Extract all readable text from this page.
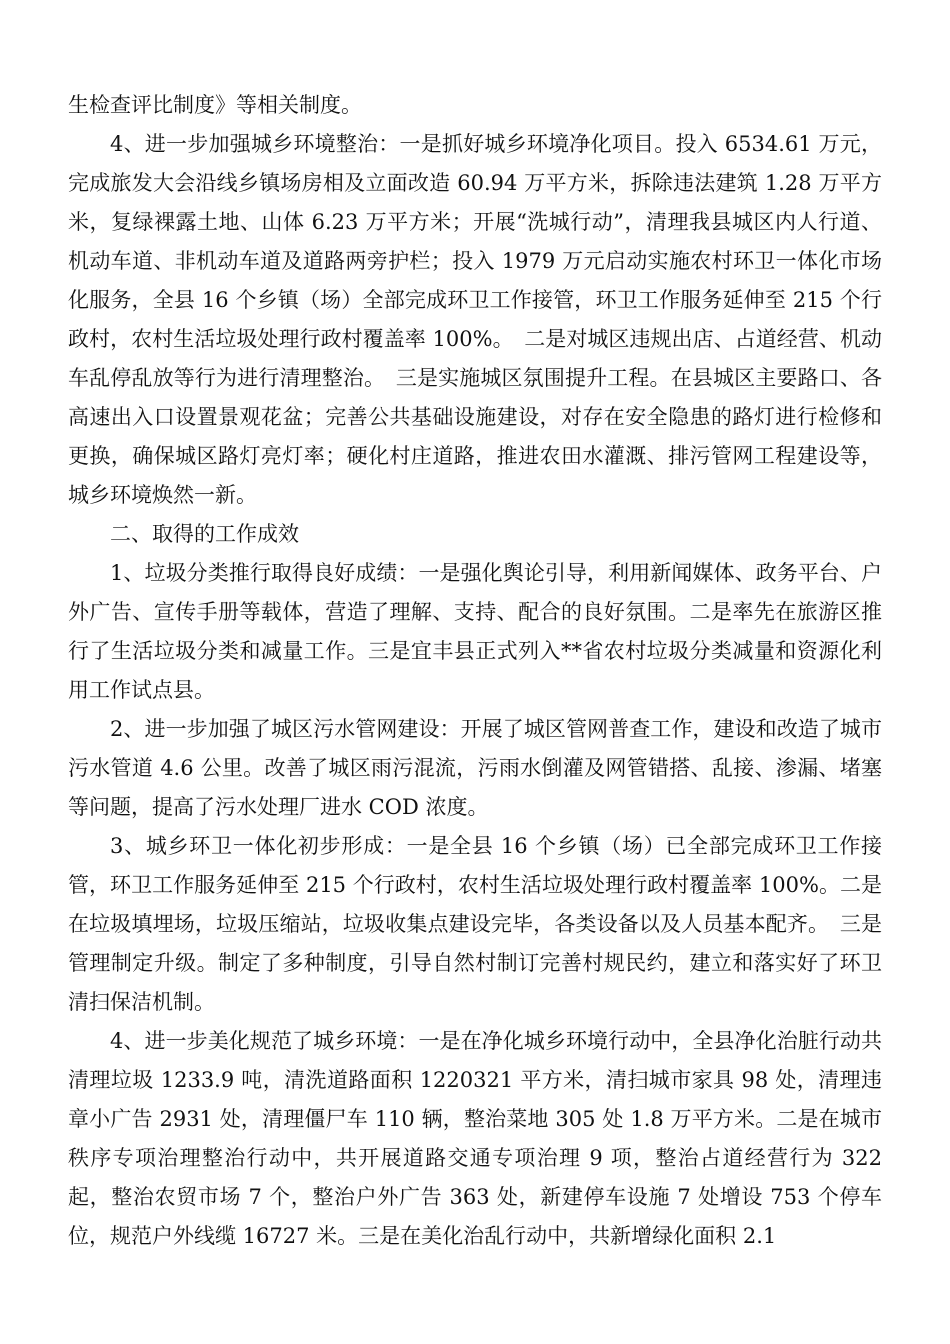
生检查评比制度》等相关制度。

4、进一步加强城乡环境整治：一是抓好城乡环境净化项目。投入 6534.61 万元，完成旅发大会沿线乡镇场房相及立面改造 60.94 万平方米，拆除违法建筑 1.28 万平方米，复绿裸露土地、山体 6.23 万平方米；开展“洗城行动”，清理我县城区内人行道、机动车道、非机动车道及道路两旁护栏；投入 1979 万元启动实施农村环卫一体化市场化服务，全县 16 个乡镇（场）全部完成环卫工作接管，环卫工作服务延伸至 215 个行政村，农村生活垃圾处理行政村覆盖率 100%。　二是对城区违规出店、占道经营、机动车乱停乱放等行为进行清理整治。　三是实施城区氛围提升工程。在县城区主要路口、各高速出入口设置景观花盆；完善公共基础设施建设，对存在安全隐患的路灯进行检修和更换，确保城区路灯亮灯率；硬化村庄道路，推进农田水灌溉、排污管网工程建设等，城乡环境焕然一新。

二、取得的工作成效

1、垃圾分类推行取得良好成绩：一是强化舆论引导，利用新闻媒体、政务平台、户外广告、宣传手册等载体，营造了理解、支持、配合的良好氛围。二是率先在旅游区推行了生活垃圾分类和减量工作。三是宜丰县正式列入**省农村垃圾分类减量和资源化利用工作试点县。

2、进一步加强了城区污水管网建设：开展了城区管网普查工作，建设和改造了城市污水管道 4.6 公里。改善了城区雨污混流，污雨水倒灌及网管错搭、乱接、渗漏、堵塞等问题，提高了污水处理厂进水 COD 浓度。

3、城乡环卫一体化初步形成：一是全县 16 个乡镇（场）已全部完成环卫工作接管，环卫工作服务延伸至 215 个行政村，农村生活垃圾处理行政村覆盖率 100%。二是在垃圾填埋场，垃圾压缩站，垃圾收集点建设完毕，各类设备以及人员基本配齐。　三是管理制定升级。制定了多种制度，引导自然村制订完善村规民约，建立和落实好了环卫清扫保洁机制。

4、进一步美化规范了城乡环境：一是在净化城乡环境行动中，全县净化治脏行动共清理垃圾 1233.9 吨，清洗道路面积 1220321 平方米，清扫城市家具 98 处，清理违章小广告 2931 处，清理僵尸车 110 辆，整治菜地 305 处 1.8 万平方米。二是在城市秩序专项治理整治行动中，共开展道路交通专项治理 9 项，整治占道经营行为 322 起，整治农贸市场 7 个，整治户外广告 363 处，新建停车设施 7 处增设 753 个停车位，规范户外线缆 16727 米。三是在美化治乱行动中，共新增绿化面积 2.1
